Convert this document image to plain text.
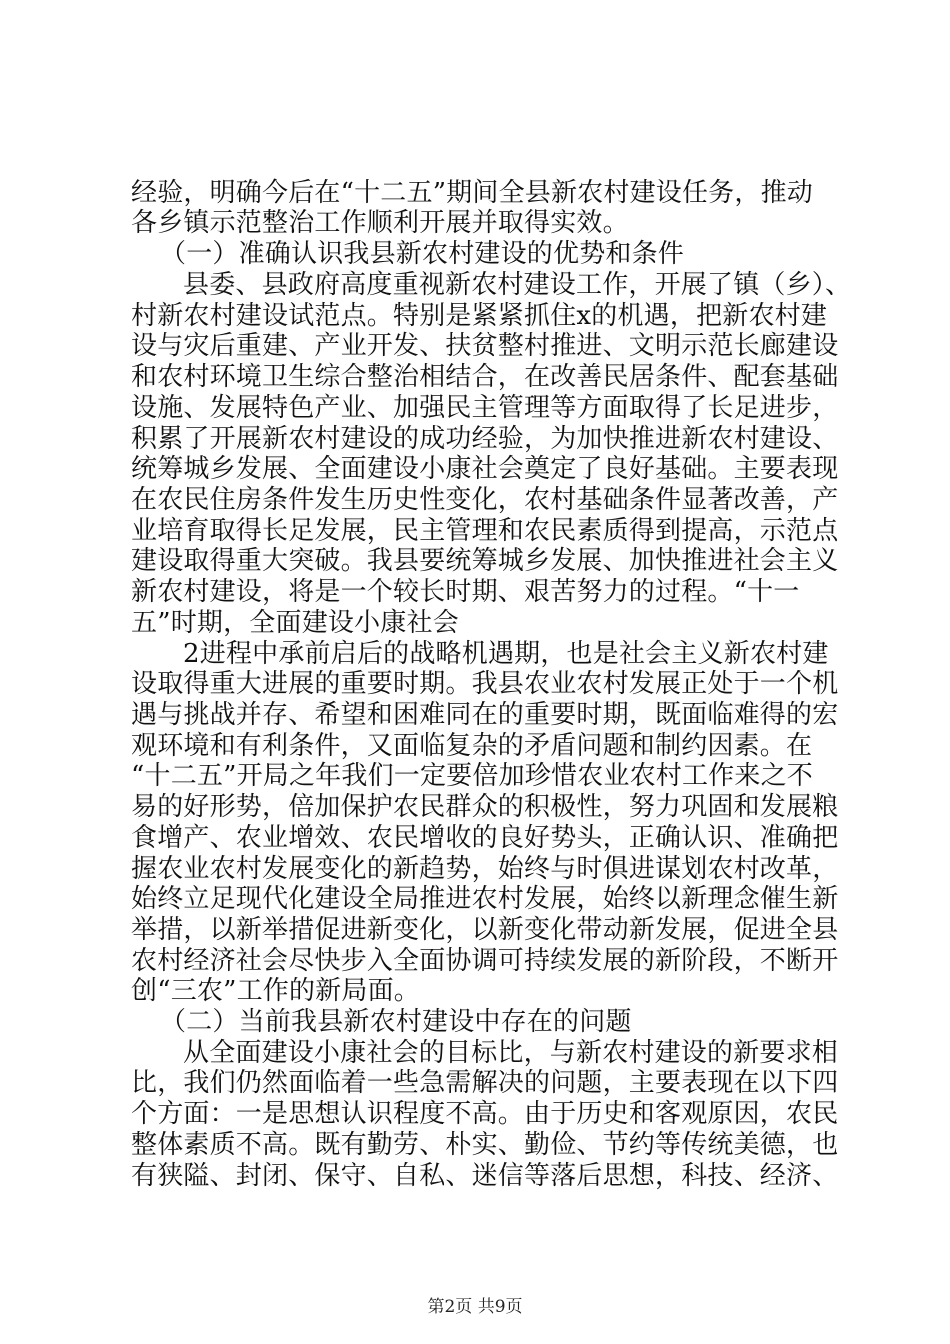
经验，明确今后在“十二五”期间全县新农村建设任务，推动
各乡镇示范整治工作顺利开展并取得实效。
（一）准确认识我县新农村建设的优势和条件
县委、县政府高度重视新农村建设工作，开展了镇（乡）、
村新农村建设试范点。特别是紧紧抓住x的机遇，把新农村建
设与灾后重建、产业开发、扶贫整村推进、文明示范长廊建设
和农村环境卫生综合整治相结合，在改善民居条件、配套基础
设施、发展特色产业、加强民主管理等方面取得了长足进步，
积累了开展新农村建设的成功经验，为加快推进新农村建设、
统筹城乡发展、全面建设小康社会奠定了良好基础。主要表现
在农民住房条件发生历史性变化，农村基础条件显著改善，产
业培育取得长足发展，民主管理和农民素质得到提高，示范点
建设取得重大突破。我县要统筹城乡发展、加快推进社会主义
新农村建设，将是一个较长时期、艰苦努力的过程。“十一
五”时期，全面建设小康社会
2进程中承前启后的战略机遇期，也是社会主义新农村建
设取得重大进展的重要时期。我县农业农村发展正处于一个机
遇与挑战并存、希望和困难同在的重要时期，既面临难得的宏
观环境和有利条件，又面临复杂的矛盾问题和制约因素。在
“十二五”开局之年我们一定要倍加珍惜农业农村工作来之不
易的好形势，倍加保护农民群众的积极性，努力巩固和发展粮
食增产、农业增效、农民增收的良好势头，正确认识、准确把
握农业农村发展变化的新趋势，始终与时俱进谋划农村改革，
始终立足现代化建设全局推进农村发展，始终以新理念催生新
举措，以新举措促进新变化，以新变化带动新发展，促进全县
农村经济社会尽快步入全面协调可持续发展的新阶段，不断开
创“三农”工作的新局面。
（二）当前我县新农村建设中存在的问题
从全面建设小康社会的目标比，与新农村建设的新要求相
比，我们仍然面临着一些急需解决的问题，主要表现在以下四
个方面：一是思想认识程度不高。由于历史和客观原因，农民
整体素质不高。既有勤劳、朴实、勤俭、节约等传统美德，也
有狭隘、封闭、保守、自私、迷信等落后思想，科技、经济、
第2页 共9页
